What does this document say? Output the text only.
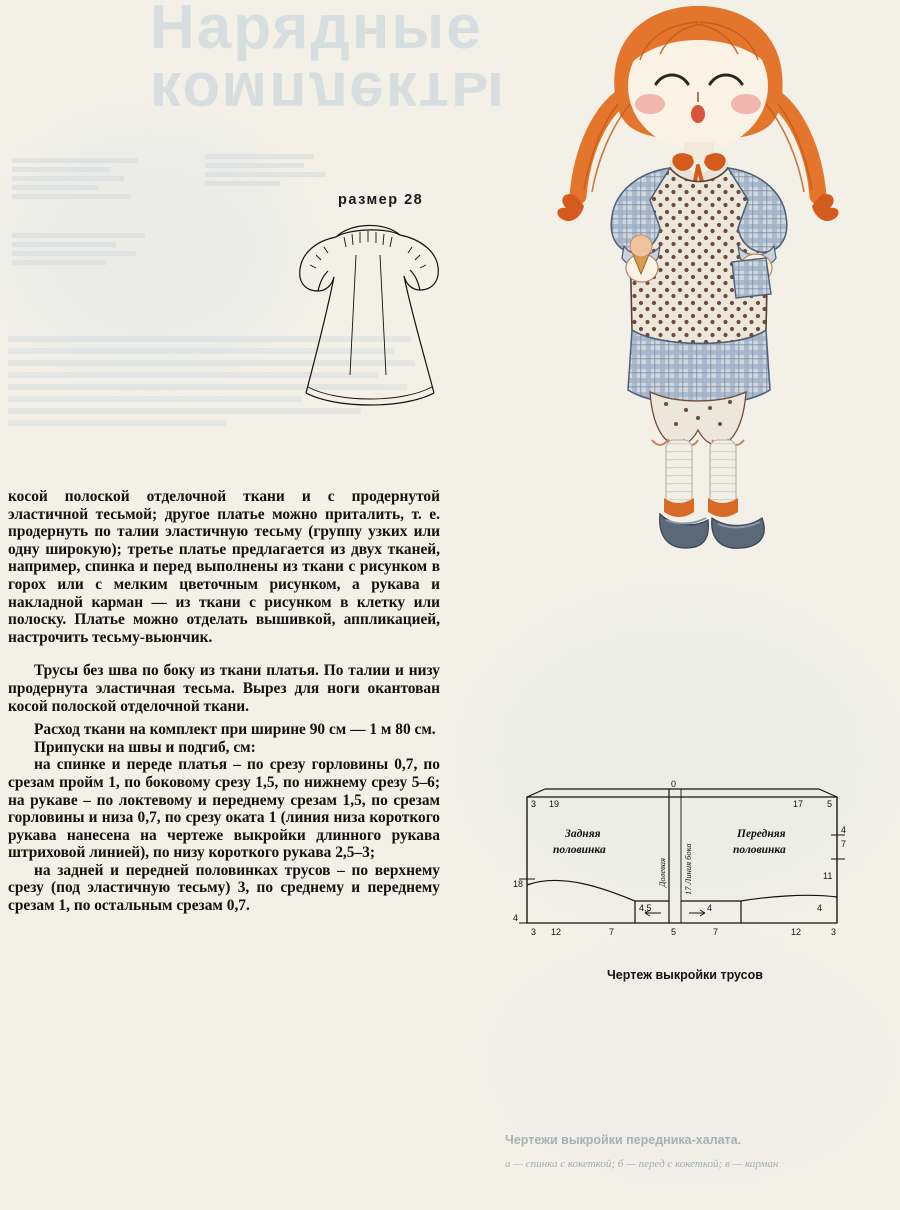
Нарядные
комплекты
размер 28

косой полоской отделочной ткани и с продернутой эластичной тесьмой; другое платье можно приталить, т. е. продернуть по талии эластичную тесьму (группу узких или одну широкую); третье платье предлагается из двух тканей, например, спинка и перед выполнены из ткани с рисунком в горох или с мелким цветочным рисунком, а рукава и накладной карман — из ткани с рисунком в клетку или полоску. Платье можно отделать вышивкой, аппликацией, настрочить тесьму-вьюнчик.

Трусы без шва по боку из ткани платья. По талии и низу продернута эластичная тесьма. Вырез для ноги окантован косой полоской отделочной ткани.

Расход ткани на комплект при ширине 90 см — 1 м 80 см.

Припуски на швы и подгиб, см:

на спинке и переде платья – по срезу горловины 0,7, по срезам пройм 1, по боковому срезу 1,5, по нижнему срезу 5–6; на рукаве – по локтевому и переднему срезам 1,5, по срезам горловины и низа 0,7, по срезу оката 1 (линия низа короткого рукава нанесена на чертеже выкройки длинного рукава штриховой линией), по низу короткого рукава 2,5–3;

на задней и передней половинках трусов – по верхнему срезу (под эластичную тесьму) 3, по среднему и переднему срезам 1, по остальным срезам 0,7.

3 19
0
17	5
4
7
11
18
4
3 12	7
4,5
5
4
7	12
4
3
Задняя
половинка
Передняя
половинка
Долевая 17 Линия бока
Чертеж выкройки трусов
Чертежи выкройки передника-халата.
а — спинка с кокеткой; б — перед с кокеткой; в — карман
